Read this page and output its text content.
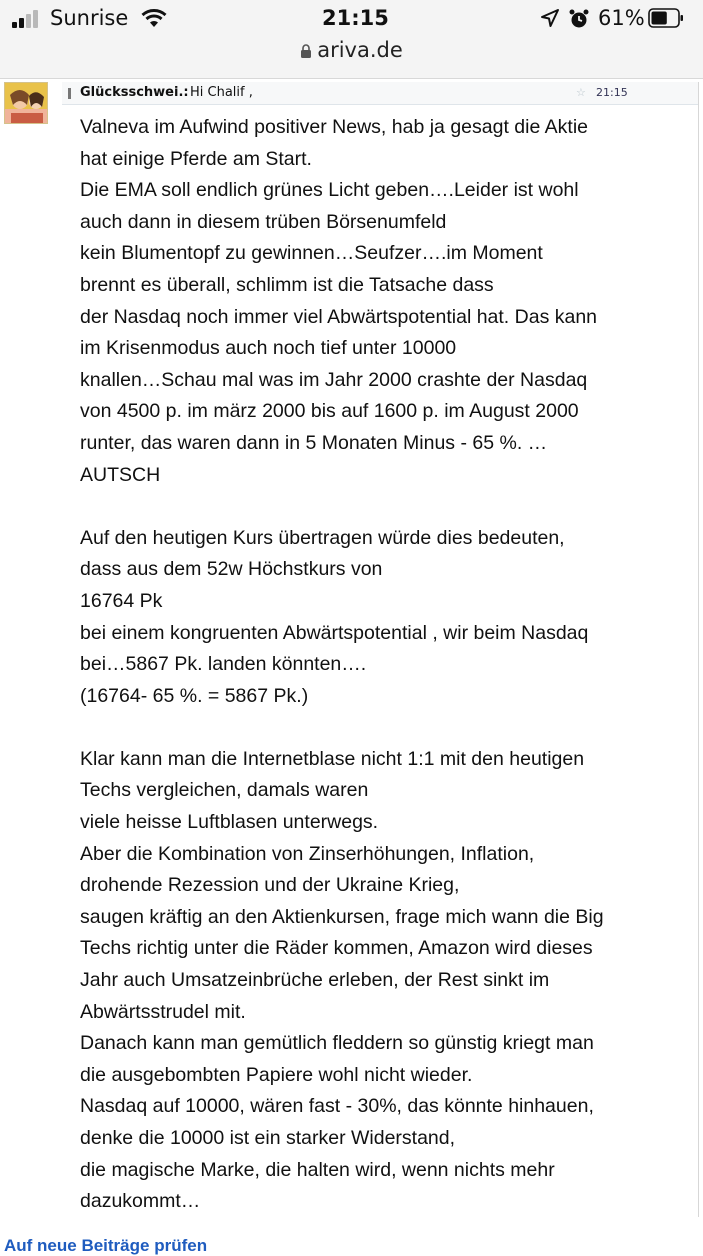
Sunrise	21:15	61%
ariva.de
Glücksschwei.: Hi Chalif ,	☆ 21:15

Valneva im Aufwind positiver News, hab ja gesagt die Aktie

hat einige Pferde am Start.

Die EMA soll endlich grünes Licht geben….Leider ist wohl

auch dann in diesem trüben Börsenumfeld

kein Blumentopf zu gewinnen…Seufzer….im Moment

brennt es überall, schlimm ist die Tatsache dass

der Nasdaq noch immer viel Abwärtspotential hat. Das kann

im Krisenmodus auch noch tief unter 10000

knallen…Schau mal was im Jahr 2000 crashte der Nasdaq

von 4500 p. im märz 2000 bis auf 1600 p. im August 2000

runter, das waren dann in 5 Monaten Minus - 65 %. …

AUTSCH

Auf den heutigen Kurs übertragen würde dies bedeuten,

dass aus dem 52w Höchstkurs von

16764 Pk

bei einem kongruenten Abwärtspotential , wir beim Nasdaq

bei…5867 Pk. landen könnten….

(16764- 65 %. = 5867 Pk.)

Klar kann man die Internetblase nicht 1:1 mit den heutigen

Techs vergleichen, damals waren

viele heisse Luftblasen unterwegs.

Aber die Kombination von Zinserhöhungen, Inflation,

drohende Rezession und der Ukraine Krieg,

saugen kräftig an den Aktienkursen, frage mich wann die Big

Techs richtig unter die Räder kommen, Amazon wird dieses

Jahr auch Umsatzeinbrüche erleben, der Rest sinkt im

Abwärtsstrudel mit.

Danach kann man gemütlich fleddern so günstig kriegt man

die ausgebombten Papiere wohl nicht wieder.

Nasdaq auf 10000, wären fast - 30%, das könnte hinhauen,

denke die 10000 ist ein starker Widerstand,

die magische Marke, die halten wird, wenn nichts mehr

dazukommt…

Auf neue Beiträge prüfen
